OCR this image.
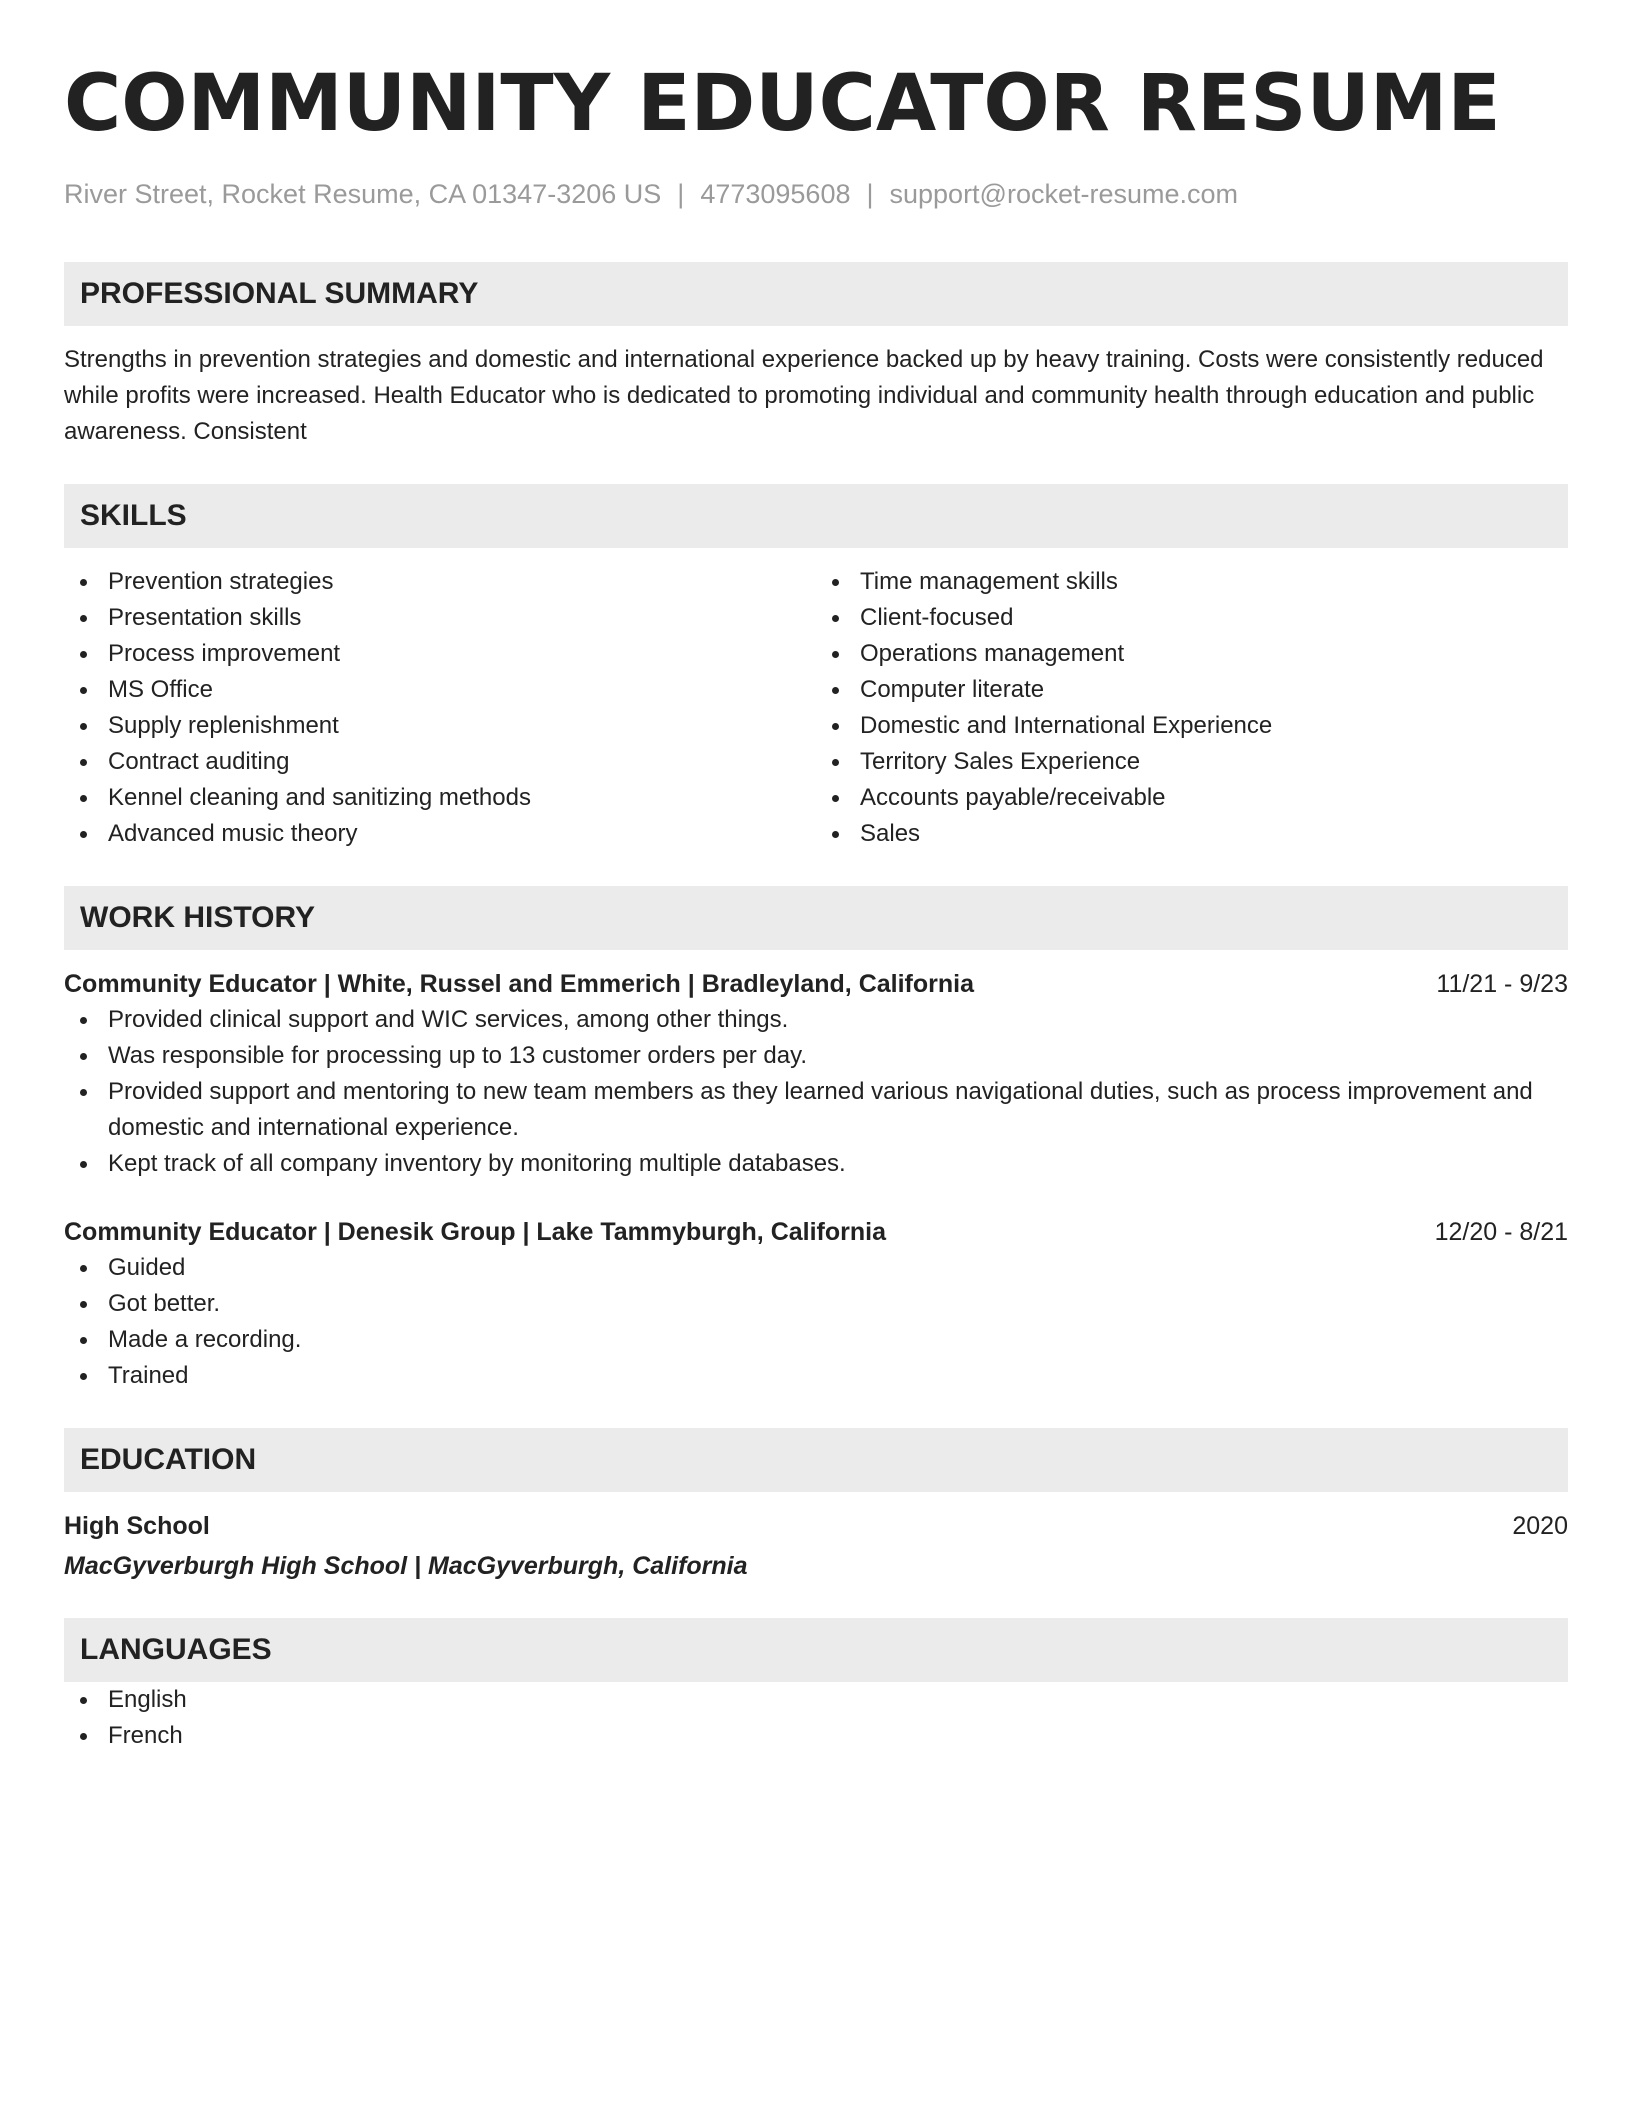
COMMUNITY EDUCATOR RESUME
River Street, Rocket Resume, CA 01347-3206 US | 4773095608 | support@rocket-resume.com
PROFESSIONAL SUMMARY
Strengths in prevention strategies and domestic and international experience backed up by heavy training. Costs were consistently reduced while profits were increased. Health Educator who is dedicated to promoting individual and community health through education and public awareness. Consistent
SKILLS
Prevention strategies
Presentation skills
Process improvement
MS Office
Supply replenishment
Contract auditing
Kennel cleaning and sanitizing methods
Advanced music theory
Time management skills
Client-focused
Operations management
Computer literate
Domestic and International Experience
Territory Sales Experience
Accounts payable/receivable
Sales
WORK HISTORY
Community Educator | White, Russel and Emmerich | Bradleyland, California	11/21 - 9/23
Provided clinical support and WIC services, among other things.
Was responsible for processing up to 13 customer orders per day.
Provided support and mentoring to new team members as they learned various navigational duties, such as process improvement and domestic and international experience.
Kept track of all company inventory by monitoring multiple databases.
Community Educator | Denesik Group | Lake Tammyburgh, California	12/20 - 8/21
Guided
Got better.
Made a recording.
Trained
EDUCATION
High School	2020
MacGyverburgh High School | MacGyverburgh, California
LANGUAGES
English
French
